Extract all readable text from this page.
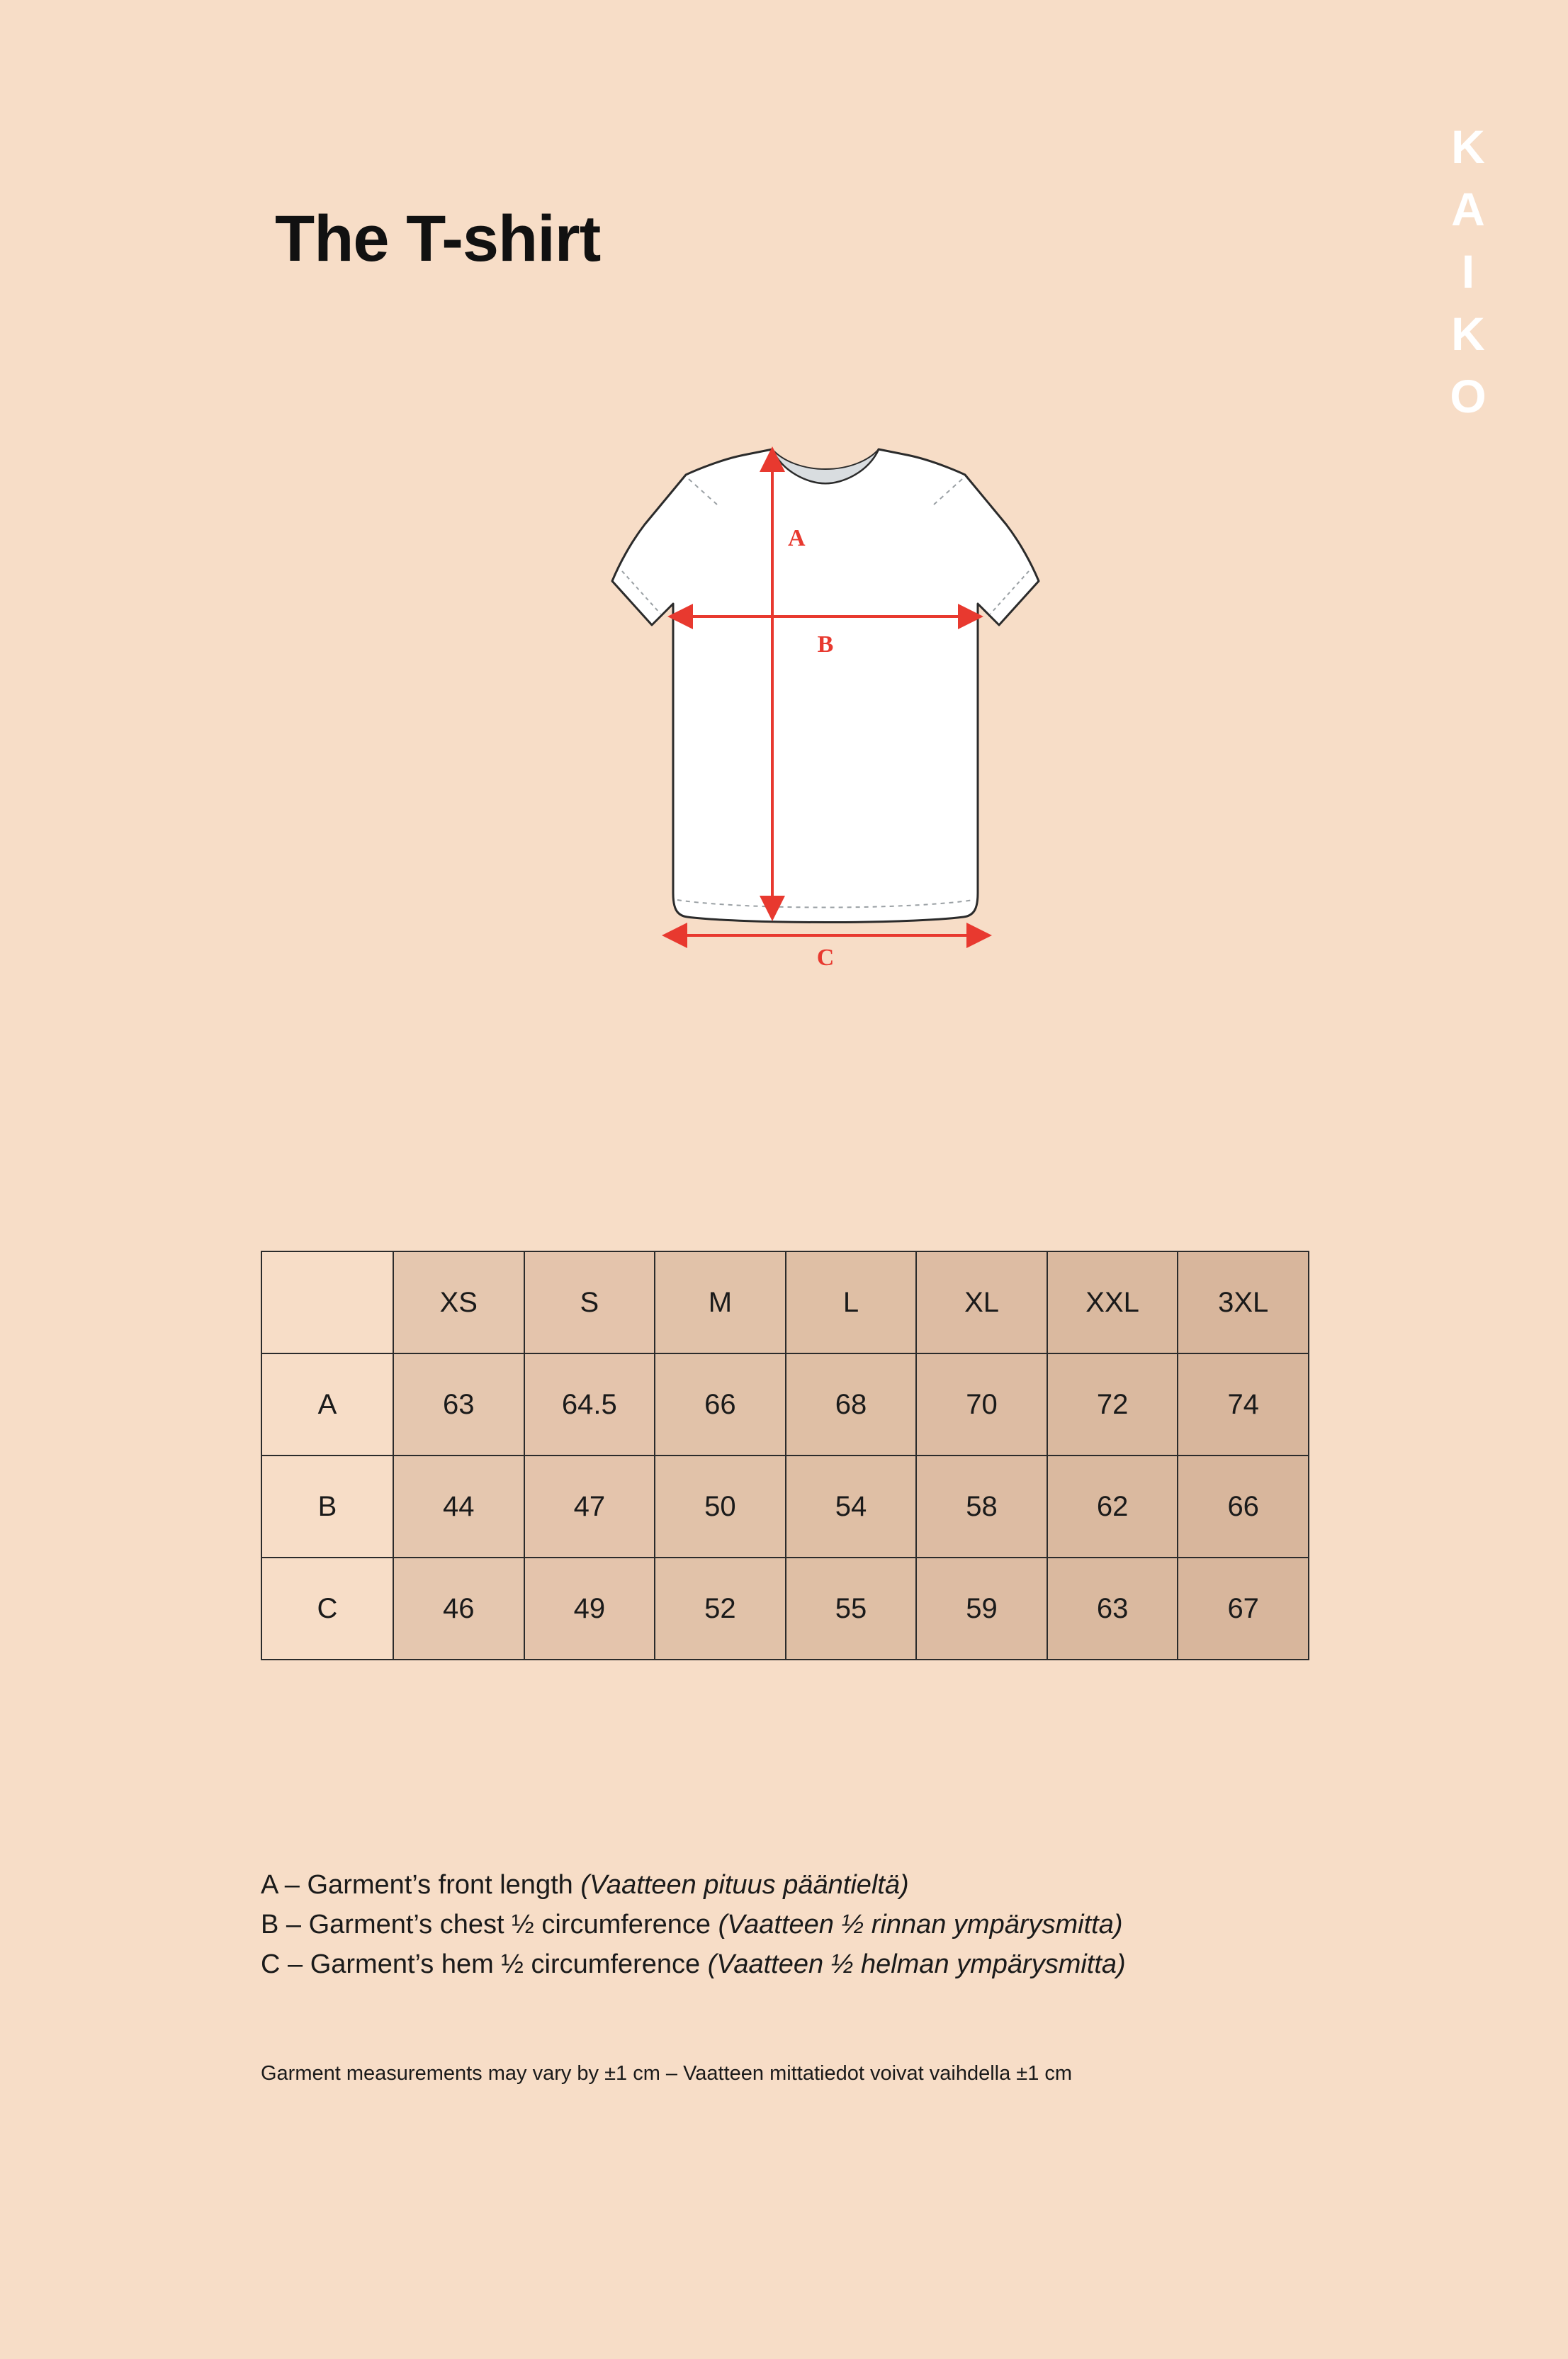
KAIKO
The T-shirt
A
B
C
	XS	S	M	L	XL	XXL	3XL
A	63	64.5	66	68	70	72	74
B	44	47	50	54	58	62	66
C	46	49	52	55	59	63	67
A – Garment’s front length (Vaatteen pituus pääntieltä)
B – Garment’s chest ½ circumference (Vaatteen ½ rinnan ympärysmitta)
C – Garment’s hem ½ circumference (Vaatteen ½ helman ympärysmitta)
Garment measurements may vary by ±1 cm – Vaatteen mittatiedot voivat vaihdella ±1 cm
